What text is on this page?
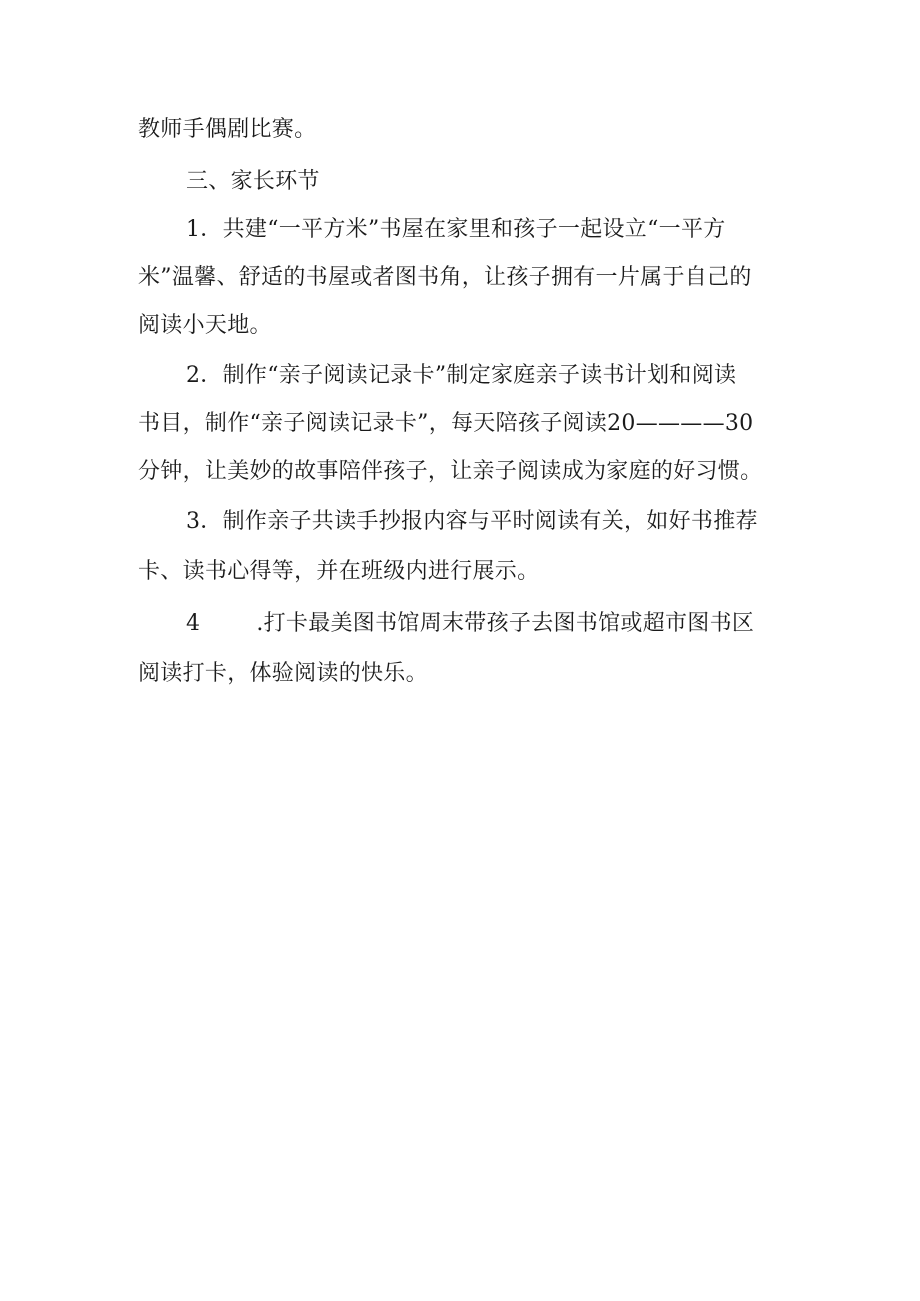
教师手偶剧比赛。
三、家长环节
1．共建“一平方米”书屋在家里和孩子一起设立“一平方
米”温馨、舒适的书屋或者图书角，让孩子拥有一片属于自己的
阅读小天地。
2．制作“亲子阅读记录卡”制定家庭亲子读书计划和阅读
书目，制作“亲子阅读记录卡”，每天陪孩子阅读20————30
分钟，让美妙的故事陪伴孩子，让亲子阅读成为家庭的好习惯。
3．制作亲子共读手抄报内容与平时阅读有关，如好书推荐
卡、读书心得等，并在班级内进行展示。
4	.打卡最美图书馆周末带孩子去图书馆或超市图书区
阅读打卡，体验阅读的快乐。
